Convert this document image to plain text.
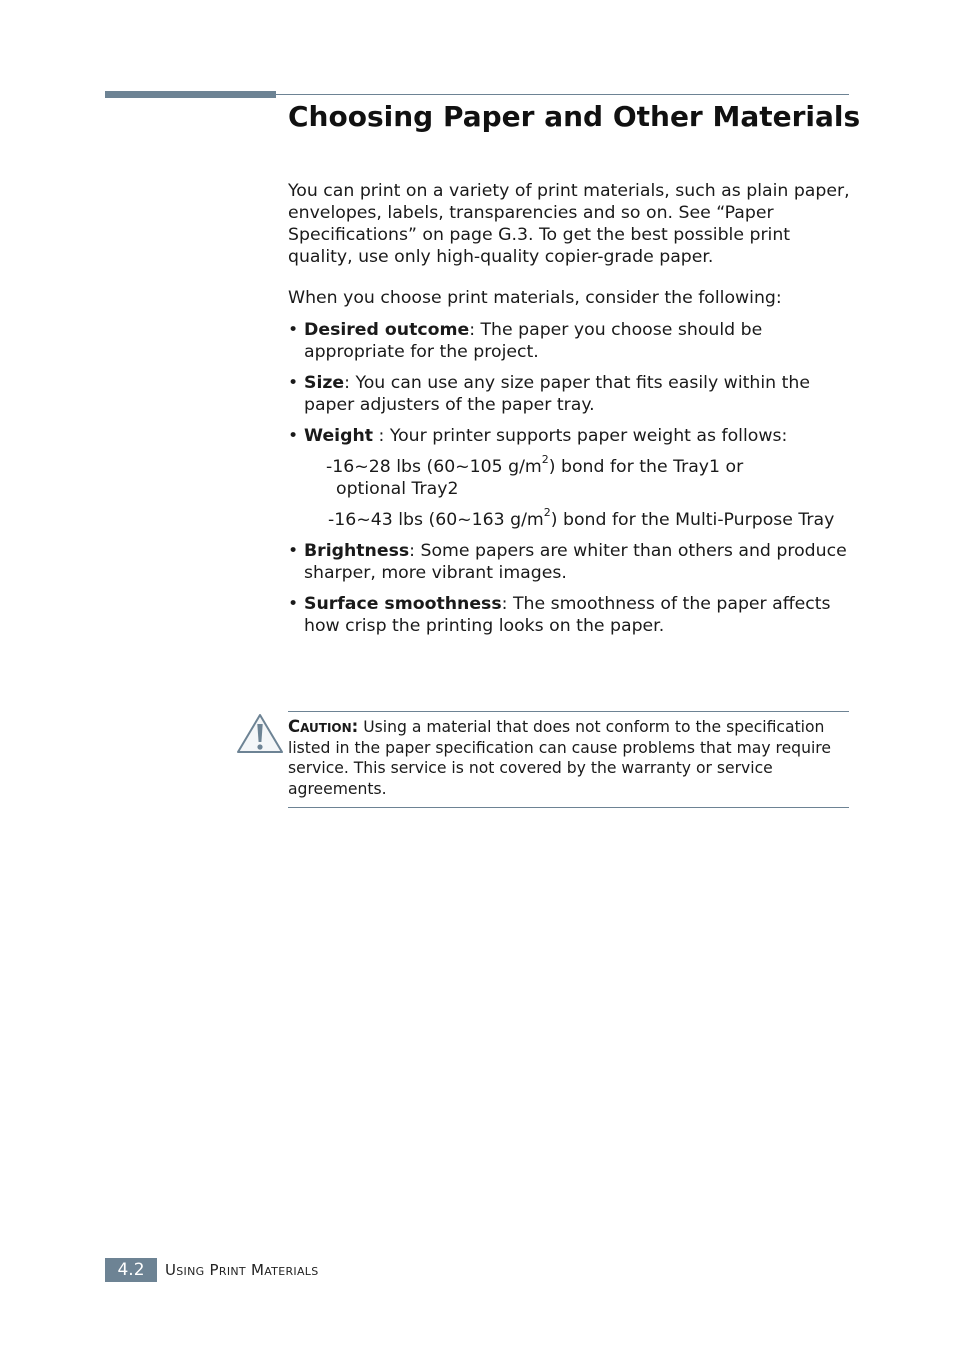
Choosing Paper and Other Materials

You can print on a variety of print materials, such as plain paper, envelopes, labels, transparencies and so on. See “Paper Specifications” on page G.3. To get the best possible print quality, use only high-quality copier-grade paper.

When you choose print materials, consider the following:

• Desired outcome: The paper you choose should be appropriate for the project.
• Size: You can use any size paper that fits easily within the paper adjusters of the paper tray.
• Weight : Your printer supports paper weight as follows:
-16~28 lbs (60~105 $g/m^2$) bond for the Tray1 or
optional Tray2
-16~43 lbs (60~163 $g/m^2$) bond for the Multi-Purpose Tray
• Brightness: Some papers are whiter than others and produce sharper, more vibrant images.
• Surface smoothness: The smoothness of the paper affects how crisp the printing looks on the paper.
Caution: Using a material that does not conform to the specification listed in the paper specification can cause problems that may require service. This service is not covered by the warranty or service agreements.
4.2	Using Print Materials
